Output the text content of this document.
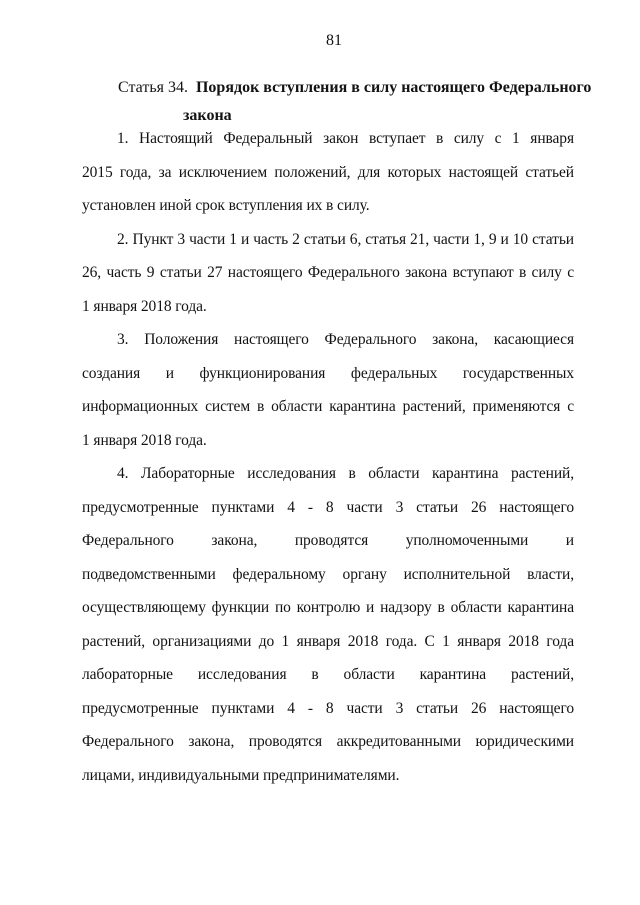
81
Статья 34. Порядок вступления в силу настоящего Федерального
закона
1. Настоящий Федеральный закон вступает в силу с 1 января
2015 года, за исключением положений, для которых настоящей статьей
установлен иной срок вступления их в силу.
2. Пункт 3 части 1 и часть 2 статьи 6, статья 21, части 1, 9 и 10 статьи
26, часть 9 статьи 27 настоящего Федерального закона вступают в силу с
1 января 2018 года.
3. Положения настоящего Федерального закона, касающиеся
создания и функционирования федеральных государственных
информационных систем в области карантина растений, применяются с
1 января 2018 года.
4. Лабораторные исследования в области карантина растений,
предусмотренные пунктами 4 - 8 части 3 статьи 26 настоящего
Федерального закона, проводятся уполномоченными и
подведомственными федеральному органу исполнительной власти,
осуществляющему функции по контролю и надзору в области карантина
растений, организациями до 1 января 2018 года. С 1 января 2018 года
лабораторные исследования в области карантина растений,
предусмотренные пунктами 4 - 8 части 3 статьи 26 настоящего
Федерального закона, проводятся аккредитованными юридическими
лицами, индивидуальными предпринимателями.
